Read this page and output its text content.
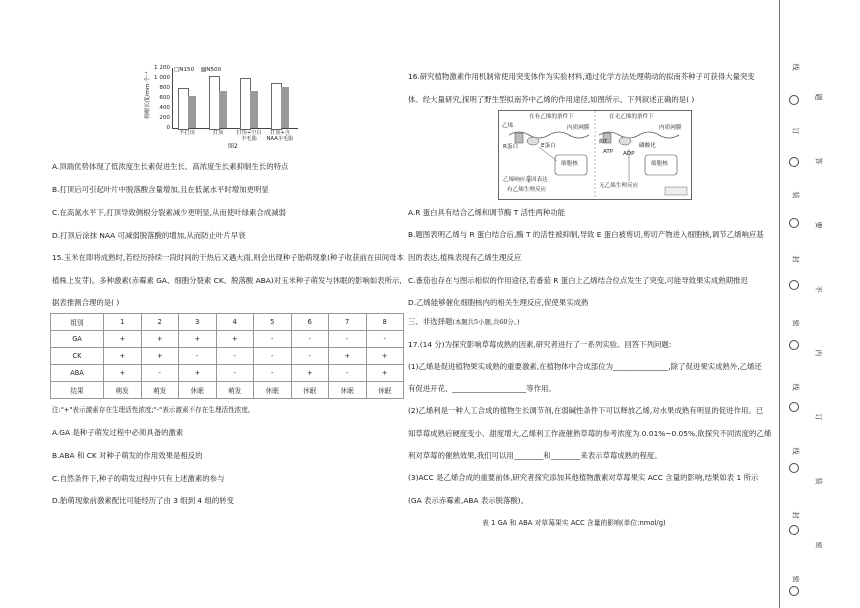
□N150 ▨N500
侧根长度/mm·个⁻¹
1 200
1 000
800
600
400
200
0
不打顶	打顶	打顶+空白羊毛脂
打顶+含NAA羊毛脂
图2
A.顶端优势体现了低浓度生长素促进生长、高浓度生长素抑制生长的特点
B.打顶后可引起叶片中脱落酸含量增加,且在低氮水平时增加更明显
C.在高氮水平下,打顶导致侧根分裂素减少更明显,从而使叶绿素合成减弱
D.打顶后涂抹 NAA 可减弱脱落酸的增加,从而防止叶片早衰
15.玉米在即将成熟时,若经历持续一段时间的干热后又遇大雨,则会出现种子胎萌现象(种子收获前在田间母本
植株上发芽)。多种激素(赤霉素 GA、细胞分裂素 CK、脱落酸 ABA)对玉米种子萌发与休眠的影响如表所示,
据表推测合理的是( )
组别	1	2	3	4	5	6	7	8
GA	+	+	+	+	-	-	-	-
CK	+	+	-	-	-	-	+	+
ABA	+	-	+	-	-	+	-	+
结果	萌发	萌发	休眠	萌发	休眠	休眠	休眠	休眠
注:"+"表示激素存在生理活性浓度;"-"表示激素不存在生理活性浓度。
A.GA 是种子萌发过程中必须具备的激素
B.ABA 和 CK 对种子萌发的作用效果是相反的
C.自然条件下,种子的萌发过程中只有上述激素的参与
D.胎萌现象前激素配比可能经历了由 3 组到 4 组的转变
16.研究植物激素作用机制常使用突变体作为实验材料,通过化学方法处理萌动的拟南芥种子可获得大量突变
体。经大量研究,探明了野生型拟南芥中乙烯的作用途径,如图所示。下列叙述正确的是( )
在有乙烯的条件下	在无乙烯的条件下
乙烯	内质网膜	内质网膜
R蛋白	E蛋白	磷酸化
ATP ADP
酶T
细胞核	细胞核
乙烯响应基因表达
有乙烯生理反应
无乙烯生理反应
A.R 蛋白具有结合乙烯和调节酶 T 活性两种功能
B.题图表明乙烯与 R 蛋白结合后,酶 T 的活性被抑制,导致 E 蛋白被剪切,剪切产物进入细胞核,调节乙烯响应基
因的表达,植株表现有乙烯生理反应
C.番茄也存在与图示相似的作用途径,若番茄 R 蛋白上乙烯结合位点发生了突变,可能导致果实成熟期推迟
D.乙烯能够催化细胞核内的相关生理反应,促使果实成熟
三、非选择题(本题共5小题,共60分。)
17.(14 分)为探究影响草莓成熟的因素,研究者进行了一系列实验。回答下列问题:
(1)乙烯是促进植物果实成熟的重要激素,在植物体中合成部位为_______________,除了促进果实成熟外,乙烯还
有促进开花、____________________等作用。
(2)乙烯利是一种人工合成的植物生长调节剂,在弱碱性条件下可以释放乙烯,对水果成熟有明显的促进作用。已
知草莓成熟后硬度变小、甜度增大,乙烯利工作液催熟草莓的参考浓度为 0.01%~0.05%,欲探究不同浓度的乙烯
利对草莓的催熟效果,我们可以用________和________来表示草莓成熟的程度。
(3)ACC 是乙烯合成的重要前体,研究者探究添加其他植物激素对草莓果实 ACC 含量的影响,结果如表 1 所示
(GA 表示赤霉素,ABA 表示脱落酸)。
表 1 GA 和 ABA 对草莓果实 ACC 含量的影响(单位:nmol/g)
线
题
订
答
装
要
封
不
密
内
线
订
线
装
封
密
密
